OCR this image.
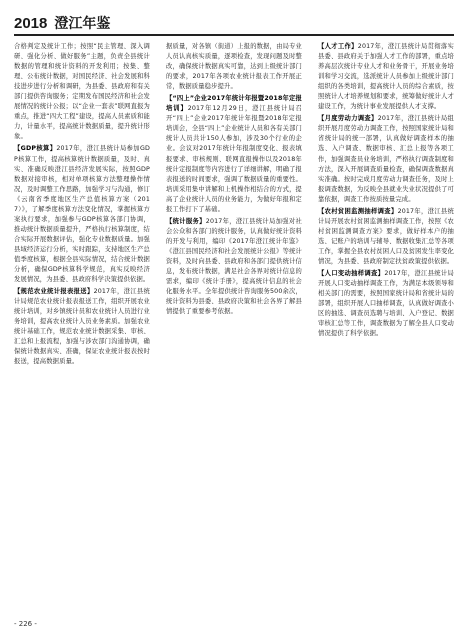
2018 澄江年鉴

合格判定及统计工作；按照“民主管理、深入调研、强化分析、做好服务”主题，负责全县统计数据的管理和统计资料的开发利用；按集、整理、公布统计数据，对国民经济、社会发展和科技进步进行分析和调研，为县委、县政府和有关部门提供咨询服务；定期发布国民经济和社会发展情况的统计公报；以“企业一套表”联网直报为重点，推进“四大工程”建设，提高人员素质和能力，计量水平，提高统计数据质量，提升统计形象。

【GDP核算】2017年，澄江县统计局参加GDP核算工作，提高核算统计数据质量，及时、真实、准确反映澄江县经济发展实际，按照GDP数据对接审核，相对单项核算方法整理操作情况，及时调整工作思路，加强学习与沟通，修订《云南省季度地区生产总值核算方案（2017）》，了解季度核算方法变化情况，掌握核算方案执行要求，加强参与GDP核算各部门协调，推动统计数据质量提升，严格执行核算制度，结合实际开展数据评估，强化专业数据质量。加强县域经济运行分析，实时跟踪，支持地区生产总值季度核算，根据全县实际情况，结合统计数据分析，确保GDP核算科学规范，真实反映经济发展情况，为县委、县政府科学决策提供依据。

【规范农业统计报表报送】2017年，澄江县统计局规范农业统计报表报送工作，组织开展农业统计培训，对乡镇统计员和农业统计人员进行业务培训，提高农业统计人员业务素质。加强农业统计基础工作，规范农业统计数据采集、审核、汇总和上报流程，加强与涉农部门沟通协调，确保统计数据真实、准确，保证农业统计报表按时报送，提高数据质量。

据质量，对各镇（街道）上报的数据，由局专业人员认真核实质量，逐项检查，发现问题及时整改，确保统计数据真实可靠，达到上级统计部门的要求，2017年各项农业统计报表工作开展正常，数据质量稳步提升。

【“四上”企业2017年统计年报暨2018年定报培训】2017年12月29日，澄江县统计局召开“四上”企业2017年统计年报暨2018年定报培训会，全县“四上”企业统计人员和各有关部门统计人员共计150人参加，涉及30个行业的企业。会议对2017年统计年报制度变化、报表填报要求、审核规则、联网直报操作以及2018年统计定报制度等内容进行了详细讲解，明确了报表报送的时间要求，强调了数据质量的重要性。培训采用集中讲解和上机操作相结合的方式，提高了企业统计人员的业务能力，为做好年报和定报工作打下了基础。

【统计服务】2017年，澄江县统计局加强对社会公众和各部门的统计服务，认真做好统计资料的开发与利用，编印《2017年澄江统计年鉴》《澄江县国民经济和社会发展统计公报》等统计资料，及时向县委、县政府和各部门提供统计信息，发布统计数据，满足社会各界对统计信息的需求，编印《统计手册》，提高统计信息的社会化服务水平。全年提供统计咨询服务500余次，统计资料为县委、县政府决策和社会各界了解县情提供了重要参考依据。

【人才工作】2017年，澄江县统计局贯彻落实县委、县政府关于加强人才工作的部署，重点培养高层次统计专业人才和业务骨干，开展业务培训和学习交流，选派统计人员参加上级统计部门组织的各类培训，提高统计人员的综合素质，按照统计人才培养规划和要求，统筹做好统计人才建设工作，为统计事业发展提供人才支撑。

【月度劳动力调查】2017年，澄江县统计局组织开展月度劳动力调查工作，按照国家统计局和省统计局的统一部署，认真做好调查样本的抽选、入户调查、数据审核、汇总上报等各项工作，加强调查员业务培训，严格执行调查制度和方法，深入开展调查质量检查，确保调查数据真实准确。按时完成月度劳动力调查任务，及时上报调查数据，为反映全县就业失业状况提供了可靠依据，调查工作按质按量完成。

【农村贫困监测抽样调查】2017年，澄江县统计局开展农村贫困监测抽样调查工作，按照《农村贫困监测调查方案》要求，做好样本户的抽选、记账户的培训与辅导、数据收集汇总等各项工作，掌握全县农村贫困人口及贫困发生率变化情况，为县委、县政府制定扶贫政策提供依据。

【人口变动抽样调查】2017年，澄江县统计局开展人口变动抽样调查工作，为满足本级领导和相关部门的需要，按照国家统计局和省统计局的部署，组织开展人口抽样调查，认真做好调查小区的抽选、调查员选聘与培训、入户登记、数据审核汇总等工作，调查数据为了解全县人口变动情况提供了科学依据。

- 226 -
